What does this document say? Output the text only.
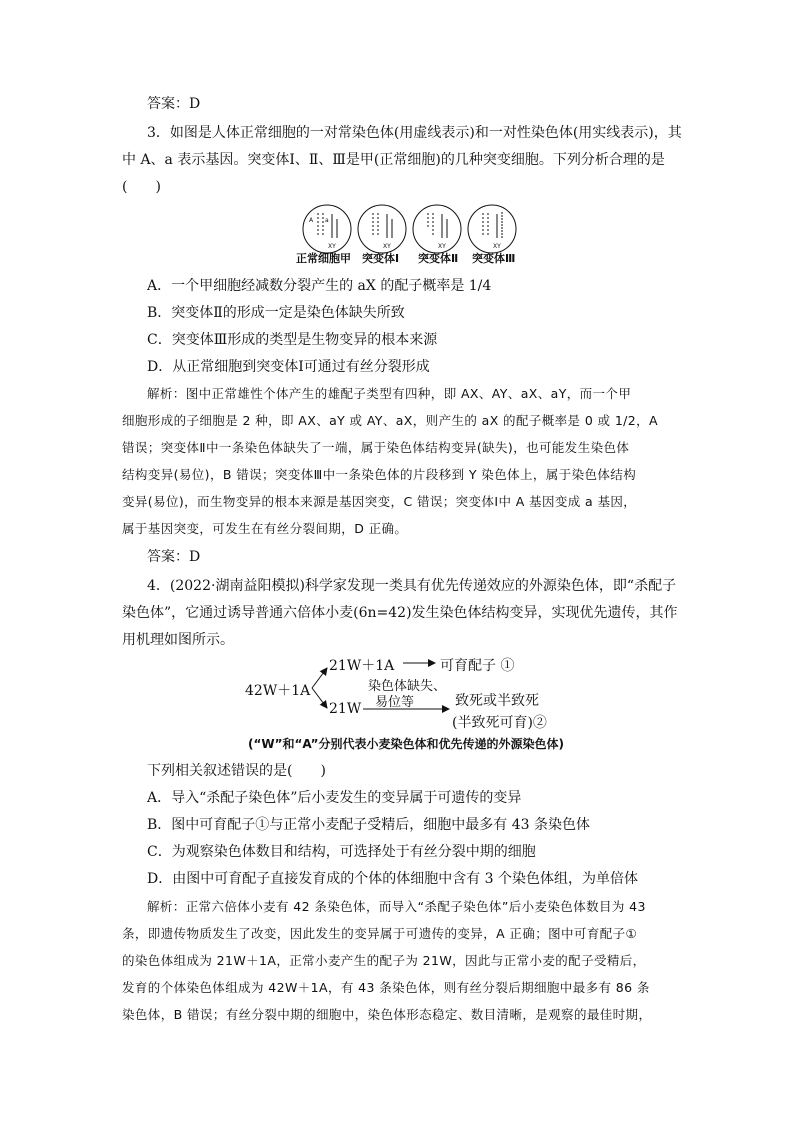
答案：D
3．如图是人体正常细胞的一对常染色体(用虚线表示)和一对性染色体(用实线表示)，其
中 A、a 表示基因。突变体Ⅰ、Ⅱ、Ⅲ是甲(正常细胞)的几种突变细胞。下列分析合理的是
(　　)
A a
XY	XY	XY	XY
正常细胞甲 突变体Ⅰ 突变体Ⅱ 突变体Ⅲ
A．一个甲细胞经减数分裂产生的 aX 的配子概率是 1/4
B．突变体Ⅱ的形成一定是染色体缺失所致
C．突变体Ⅲ形成的类型是生物变异的根本来源
D．从正常细胞到突变体Ⅰ可通过有丝分裂形成
解析：图中正常雄性个体产生的雄配子类型有四种，即 AX、AY、aX、aY，而一个甲
细胞形成的子细胞是 2 种，即 AX、aY 或 AY、aX，则产生的 aX 的配子概率是 0 或 1/2，A
错误；突变体Ⅱ中一条染色体缺失了一端，属于染色体结构变异(缺失)，也可能发生染色体
结构变异(易位)，B 错误；突变体Ⅲ中一条染色体的片段移到 Y 染色体上，属于染色体结构
变异(易位)，而生物变异的根本来源是基因突变，C 错误；突变体Ⅰ中 A 基因变成 a 基因，
属于基因突变，可发生在有丝分裂间期，D 正确。
答案：D
4．(2022·湖南益阳模拟)科学家发现一类具有优先传递效应的外源染色体，即“杀配子
染色体”，它通过诱导普通六倍体小麦(6n=42)发生染色体结构变异，实现优先遗传，其作
用机理如图所示。
42W＋1A
21W＋1A	可育配子 ①
21W
染色体缺失、
易位等	致死或半致死
(半致死可育)②
(“W”和“A”分别代表小麦染色体和优先传递的外源染色体)
下列相关叙述错误的是(　　)
A．导入“杀配子染色体”后小麦发生的变异属于可遗传的变异
B．图中可育配子①与正常小麦配子受精后，细胞中最多有 43 条染色体
C．为观察染色体数目和结构，可选择处于有丝分裂中期的细胞
D．由图中可育配子直接发育成的个体的体细胞中含有 3 个染色体组，为单倍体
解析：正常六倍体小麦有 42 条染色体，而导入“杀配子染色体”后小麦染色体数目为 43
条，即遗传物质发生了改变，因此发生的变异属于可遗传的变异，A 正确；图中可育配子①
的染色体组成为 21W＋1A，正常小麦产生的配子为 21W，因此与正常小麦的配子受精后，
发育的个体染色体组成为 42W＋1A，有 43 条染色体，则有丝分裂后期细胞中最多有 86 条
染色体，B 错误；有丝分裂中期的细胞中，染色体形态稳定、数目清晰，是观察的最佳时期，
